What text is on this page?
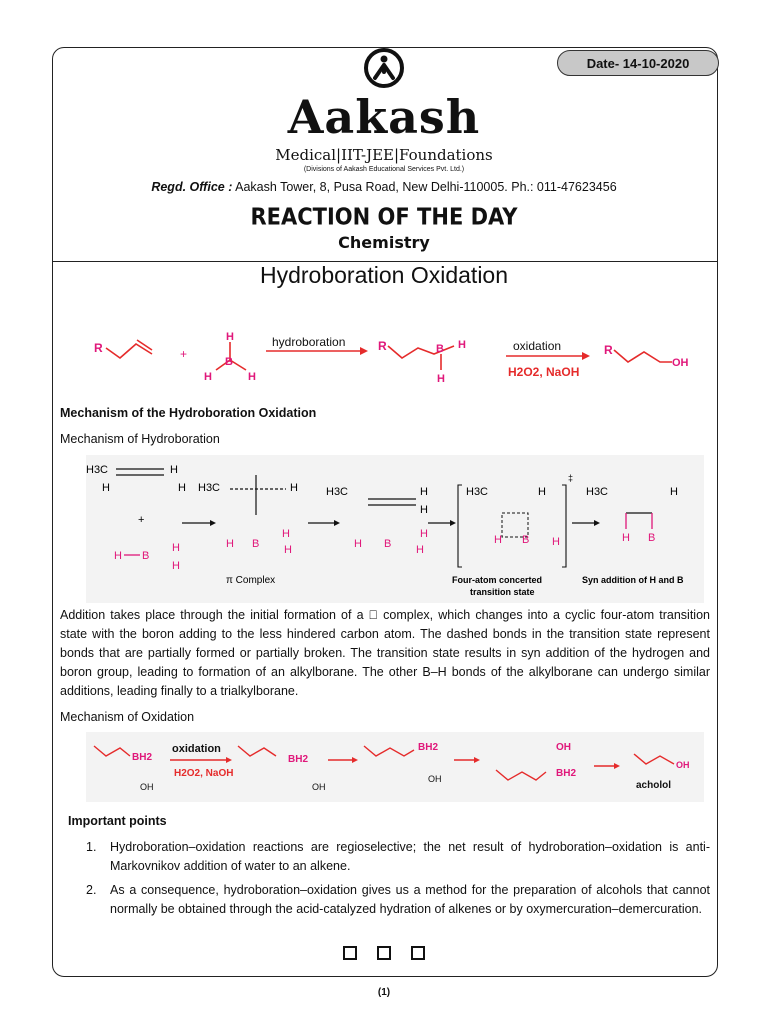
Date- 14-10-2020
Aakash
Medical|IIT-JEE|Foundations
(Divisions of Aakash Educational Services Pvt. Ltd.)
Regd. Office : Aakash Tower, 8, Pusa Road, New Delhi-110005. Ph.: 011-47623456
REACTION OF THE DAY
Chemistry
Hydroboration Oxidation
R	+
H
B
H	H
hydroboration	R	B H
H
oxidation
H2O2, NaOH
R
OH
Mechanism of the Hydroboration Oxidation
Mechanism of Hydroboration
H3C	H
H	H
+
H B
H
H
H3C	H
H B
H
H
π Complex
H3C	H
H
H B
H
H
‡
H3C	H
H B H
Four-atom concerted
transition state
H3C	H
H B
Syn addition of H and B
Addition takes place through the initial formation of a   complex, which changes into a cyclic four-atom transition state with the boron adding to the less hindered carbon atom. The dashed bonds in the transition state represent bonds that are partially formed or partially broken. The transition state results in syn addition of the hydrogen and boron group, leading to formation of an alkylborane. The other B–H bonds of the alkylborane can undergo similar additions, leading finally to a trialkylborane.
Mechanism of Oxidation
BH2
OH
oxidation
H2O2, NaOH
BH2
OH
BH2
OH
OH
BH2
OH
acholol
Important points
1. Hydroboration–oxidation reactions are regioselective; the net result of hydroboration–oxidation is anti-Markovnikov addition of water to an alkene.
2. As a consequence, hydroboration–oxidation gives us a method for the preparation of alcohols that cannot normally be obtained through the acid-catalyzed hydration of alkenes or by oxymercuration–demercuration.
(1)
